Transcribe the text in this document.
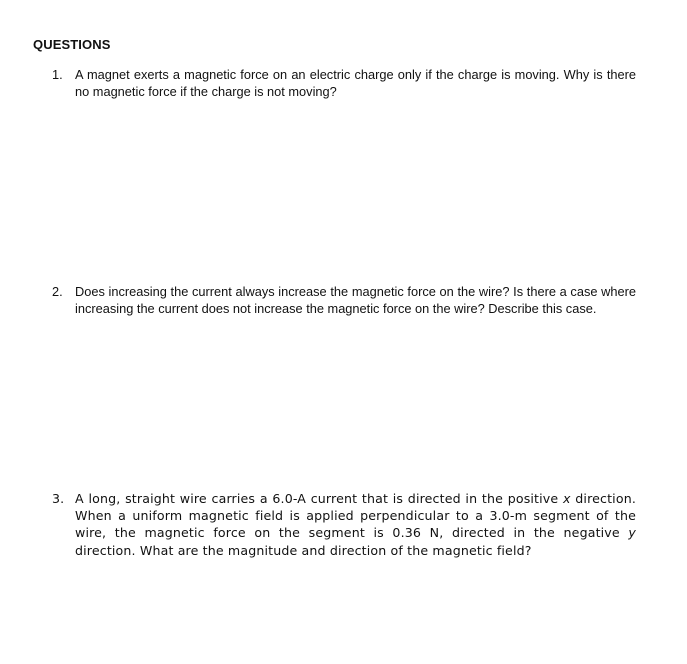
QUESTIONS
1. A magnet exerts a magnetic force on an electric charge only if the charge is moving. Why is there no magnetic force if the charge is not moving?
2. Does increasing the current always increase the magnetic force on the wire? Is there a case where increasing the current does not increase the magnetic force on the wire? Describe this case.
3. A long, straight wire carries a 6.0-A current that is directed in the positive x direction. When a uniform magnetic field is applied perpendicular to a 3.0-m segment of the wire, the magnetic force on the segment is 0.36 N, directed in the negative y direction. What are the magnitude and direction of the magnetic field?
